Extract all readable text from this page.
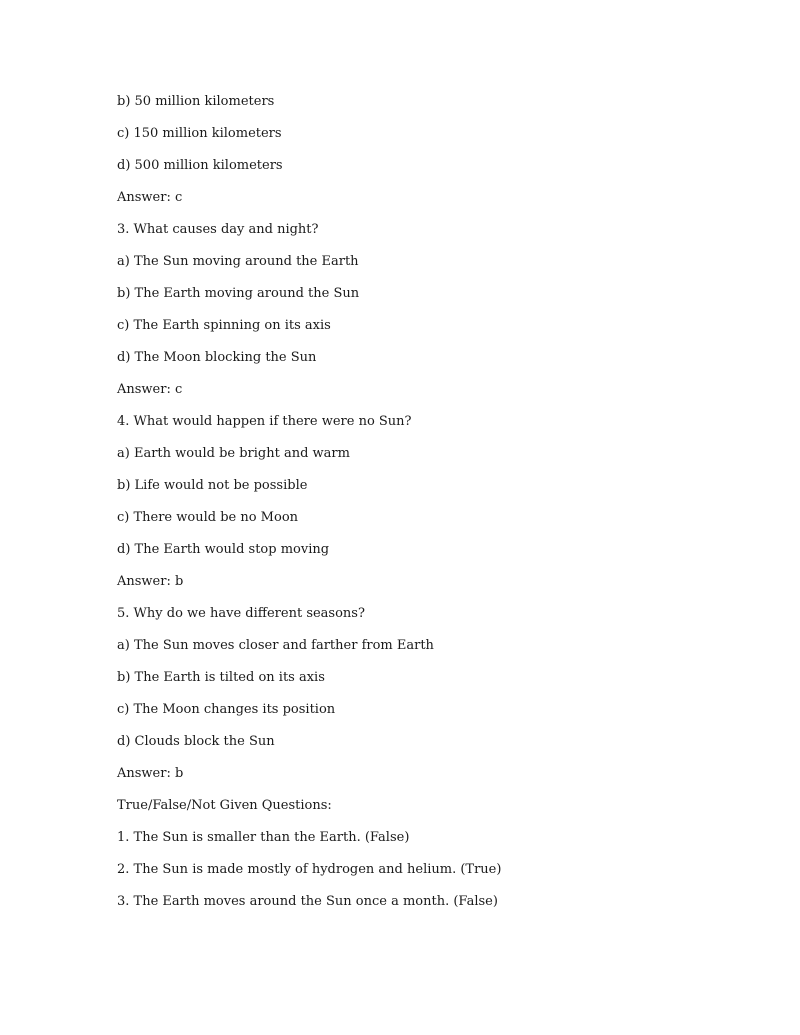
b) 50 million kilometers

c) 150 million kilometers

d) 500 million kilometers

Answer: c

3. What causes day and night?

a) The Sun moving around the Earth

b) The Earth moving around the Sun

c) The Earth spinning on its axis

d) The Moon blocking the Sun

Answer: c

4. What would happen if there were no Sun?

a) Earth would be bright and warm

b) Life would not be possible

c) There would be no Moon

d) The Earth would stop moving

Answer: b

5. Why do we have different seasons?

a) The Sun moves closer and farther from Earth

b) The Earth is tilted on its axis

c) The Moon changes its position

d) Clouds block the Sun

Answer: b

True/False/Not Given Questions:

1. The Sun is smaller than the Earth. (False)

2. The Sun is made mostly of hydrogen and helium. (True)

3. The Earth moves around the Sun once a month. (False)
